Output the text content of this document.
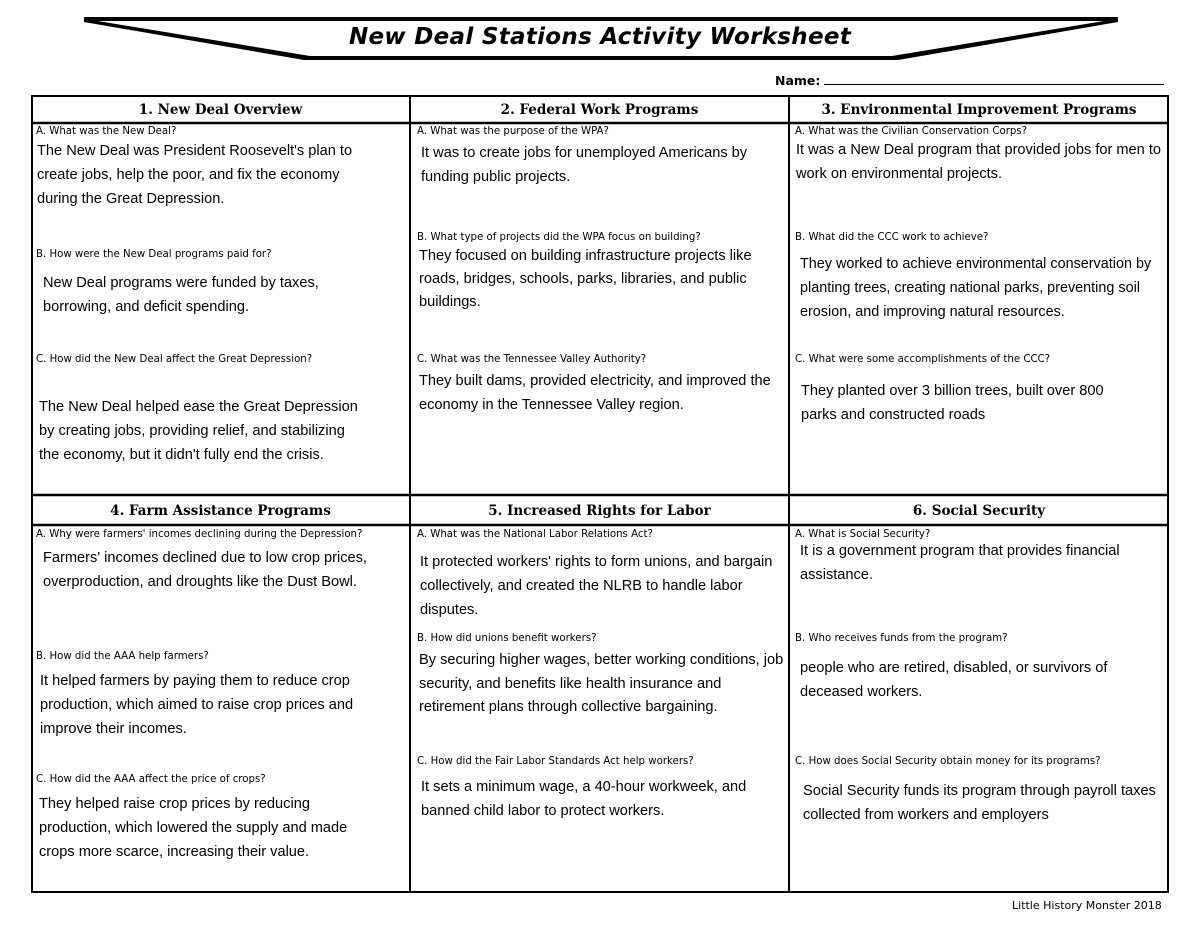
New Deal Stations Activity Worksheet
Name:
1. New Deal Overview
A. What was the New Deal?
The New Deal was President Roosevelt's plan to create jobs, help the poor, and fix the economy during the Great Depression.
B. How were the New Deal programs paid for?
New Deal programs were funded by taxes, borrowing, and deficit spending.
C. How did the New Deal affect the Great Depression?
The New Deal helped ease the Great Depression by creating jobs, providing relief, and stabilizing the economy, but it didn't fully end the crisis.
2. Federal Work Programs
A. What was the purpose of the WPA?
It was to create jobs for unemployed Americans by funding public projects.
B. What type of projects did the WPA focus on building?
They focused on building infrastructure projects like roads, bridges, schools, parks, libraries, and public buildings.
C. What was the Tennessee Valley Authority?
They built dams, provided electricity, and improved the economy in the Tennessee Valley region.
3. Environmental Improvement Programs
A. What was the Civilian Conservation Corps?
It was a New Deal program that provided jobs for men to work on environmental projects.
B. What did the CCC work to achieve?
They worked to achieve environmental conservation by planting trees, creating national parks, preventing soil erosion, and improving natural resources.
C. What were some accomplishments of the CCC?
They planted over 3 billion trees, built over 800 parks and constructed roads
4. Farm Assistance Programs
A. Why were farmers' incomes declining during the Depression?
Farmers' incomes declined due to low crop prices, overproduction, and droughts like the Dust Bowl.
B. How did the AAA help farmers?
It helped farmers by paying them to reduce crop production, which aimed to raise crop prices and improve their incomes.
C. How did the AAA affect the price of crops?
They helped raise crop prices by reducing production, which lowered the supply and made crops more scarce, increasing their value.
5. Increased Rights for Labor
A. What was the National Labor Relations Act?
It protected workers' rights to form unions, and bargain collectively, and created the NLRB to handle labor disputes.
B. How did unions benefit workers?
By securing higher wages, better working conditions, job security, and benefits like health insurance and retirement plans through collective bargaining.
C. How did the Fair Labor Standards Act help workers?
It sets a minimum wage, a 40-hour workweek, and banned child labor to protect workers.
6. Social Security
A. What is Social Security?
It is a government program that provides financial assistance.
B. Who receives funds from the program?
people who are retired, disabled, or survivors of deceased workers.
C. How does Social Security obtain money for its programs?
Social Security funds its program through payroll taxes collected from workers and employers
Little History Monster 2018
